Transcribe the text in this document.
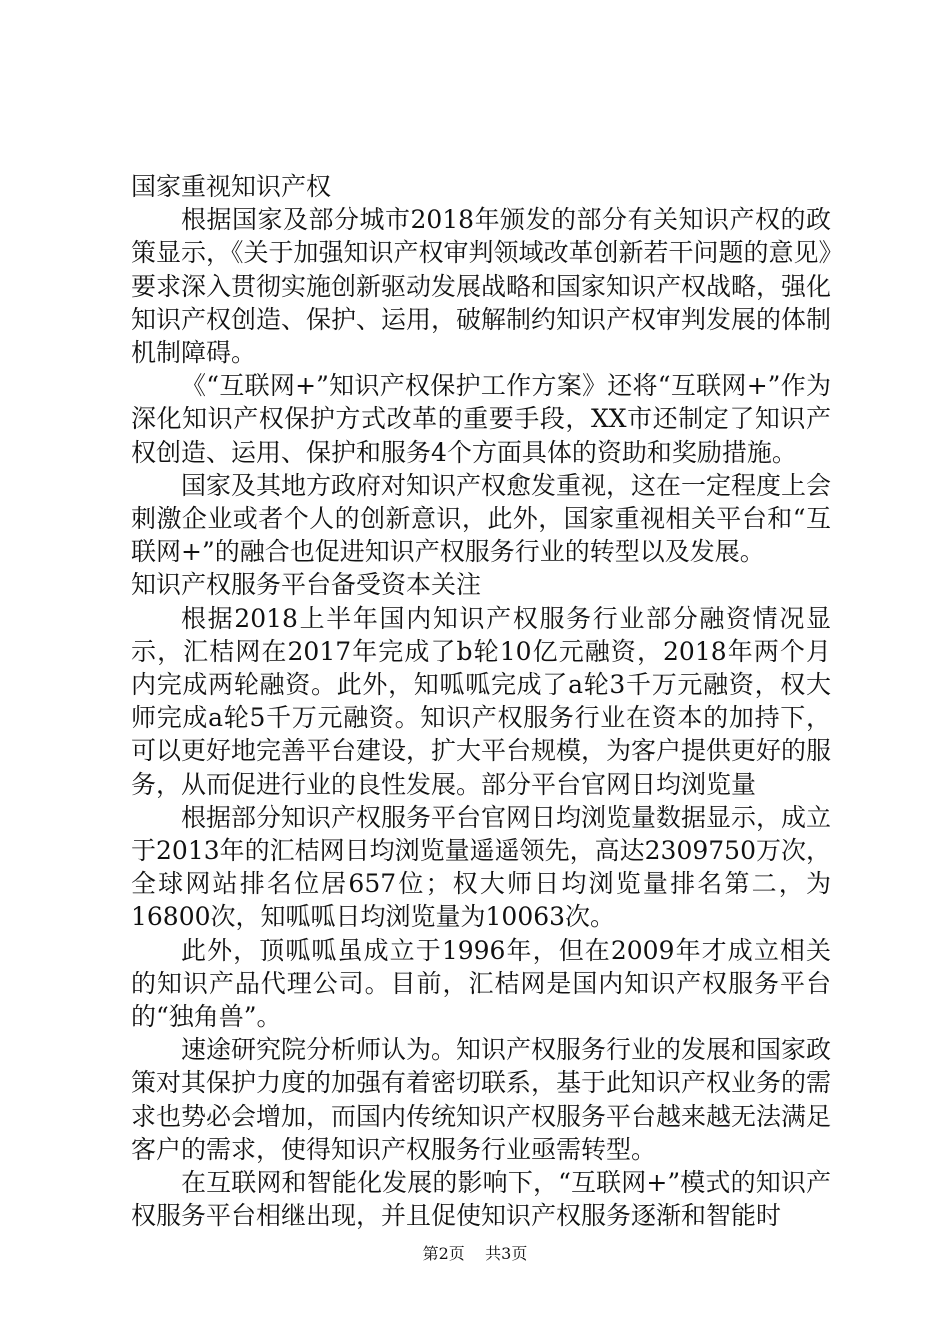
国家重视知识产权

根据国家及部分城市2018年颁发的部分有关知识产权的政策显示，《关于加强知识产权审判领域改革创新若干问题的意见》要求深入贯彻实施创新驱动发展战略和国家知识产权战略，强化知识产权创造、保护、运用，破解制约知识产权审判发展的体制机制障碍。

《“互联网+”知识产权保护工作方案》还将“互联网+”作为深化知识产权保护方式改革的重要手段，XX市还制定了知识产权创造、运用、保护和服务4个方面具体的资助和奖励措施。

国家及其地方政府对知识产权愈发重视，这在一定程度上会刺激企业或者个人的创新意识，此外，国家重视相关平台和“互联网+”的融合也促进知识产权服务行业的转型以及发展。

知识产权服务平台备受资本关注

根据2018上半年国内知识产权服务行业部分融资情况显示，汇桔网在2017年完成了b轮10亿元融资，2018年两个月内完成两轮融资。此外，知呱呱完成了a轮3千万元融资，权大师完成a轮5千万元融资。知识产权服务行业在资本的加持下，可以更好地完善平台建设，扩大平台规模，为客户提供更好的服务，从而促进行业的良性发展。部分平台官网日均浏览量

根据部分知识产权服务平台官网日均浏览量数据显示，成立于2013年的汇桔网日均浏览量遥遥领先，高达2309750万次，全球网站排名位居657位；权大师日均浏览量排名第二，为16800次，知呱呱日均浏览量为10063次。

此外，顶呱呱虽成立于1996年，但在2009年才成立相关的知识产品代理公司。目前，汇桔网是国内知识产权服务平台的“独角兽”。

速途研究院分析师认为。知识产权服务行业的发展和国家政策对其保护力度的加强有着密切联系，基于此知识产权业务的需求也势必会增加，而国内传统知识产权服务平台越来越无法满足客户的需求，使得知识产权服务行业亟需转型。

在互联网和智能化发展的影响下，“互联网+”模式的知识产权服务平台相继出现，并且促使知识产权服务逐渐和智能时

第2页 共3页
